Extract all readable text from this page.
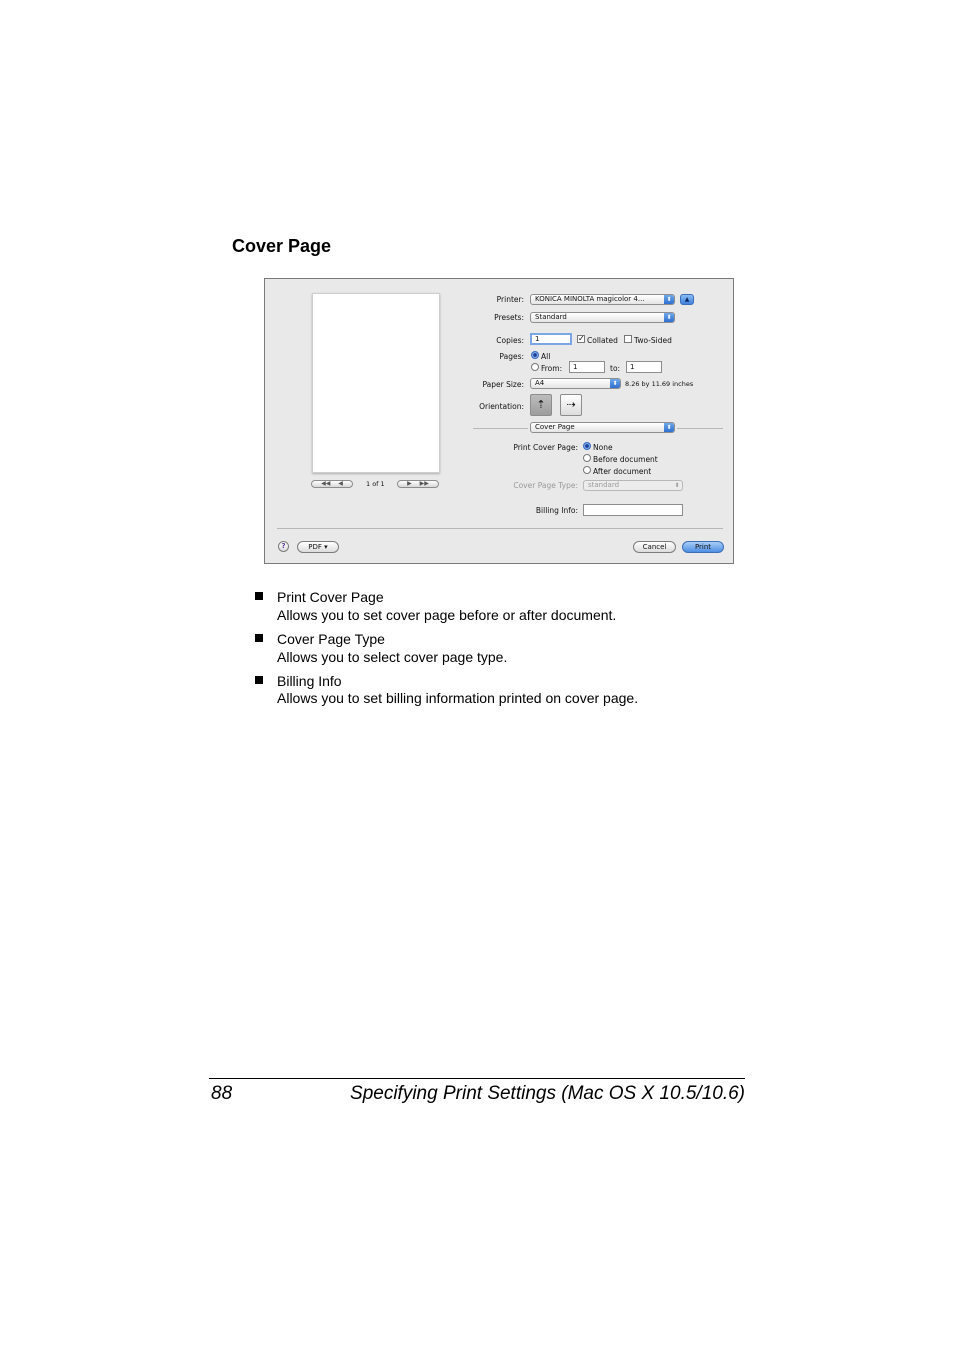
Cover Page
◀◀ ◀	1 of 1	▶ ▶▶
Printer:	KONICA MINOLTA magicolor 4...	⬍	▲
Presets:	Standard	⬍
Copies:	1	✓ Collated Two-Sided
Pages: All
From:	1	to:	1
Paper Size:	A4	⬍	8.26 by 11.69 inches
Orientation:	⇡	⇢
Cover Page	⬍
Print Cover Page: None
Before document
After document
Cover Page Type:	standard	⬍
Billing Info:
?	PDF ▾	Cancel	Print
Print Cover Page
Allows you to set cover page before or after document.
Cover Page Type
Allows you to select cover page type.
Billing Info
Allows you to set billing information printed on cover page.
88	Specifying Print Settings (Mac OS X 10.5/10.6)
